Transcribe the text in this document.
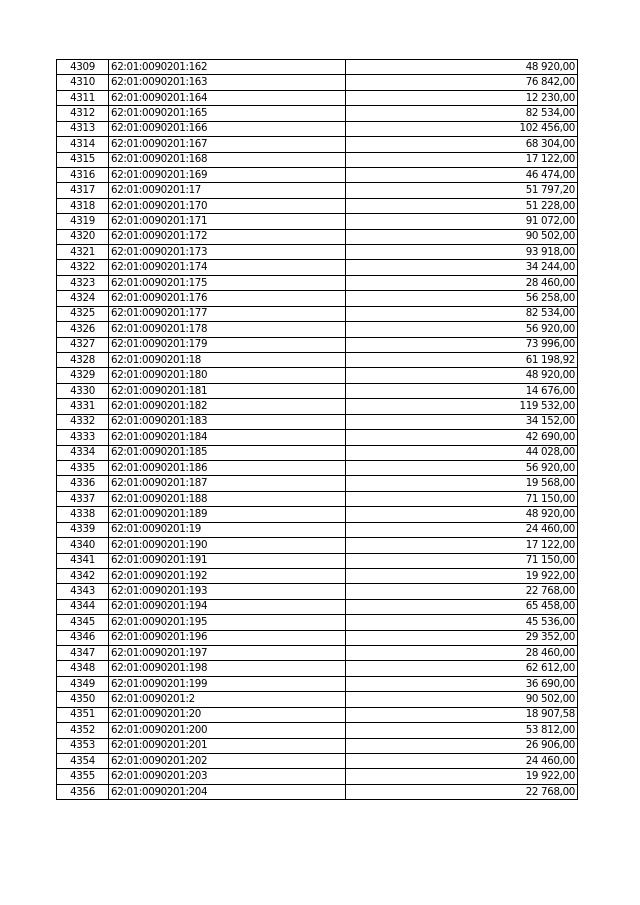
4309	62:01:0090201:162	48 920,00
4310	62:01:0090201:163	76 842,00
4311	62:01:0090201:164	12 230,00
4312	62:01:0090201:165	82 534,00
4313	62:01:0090201:166	102 456,00
4314	62:01:0090201:167	68 304,00
4315	62:01:0090201:168	17 122,00
4316	62:01:0090201:169	46 474,00
4317	62:01:0090201:17	51 797,20
4318	62:01:0090201:170	51 228,00
4319	62:01:0090201:171	91 072,00
4320	62:01:0090201:172	90 502,00
4321	62:01:0090201:173	93 918,00
4322	62:01:0090201:174	34 244,00
4323	62:01:0090201:175	28 460,00
4324	62:01:0090201:176	56 258,00
4325	62:01:0090201:177	82 534,00
4326	62:01:0090201:178	56 920,00
4327	62:01:0090201:179	73 996,00
4328	62:01:0090201:18	61 198,92
4329	62:01:0090201:180	48 920,00
4330	62:01:0090201:181	14 676,00
4331	62:01:0090201:182	119 532,00
4332	62:01:0090201:183	34 152,00
4333	62:01:0090201:184	42 690,00
4334	62:01:0090201:185	44 028,00
4335	62:01:0090201:186	56 920,00
4336	62:01:0090201:187	19 568,00
4337	62:01:0090201:188	71 150,00
4338	62:01:0090201:189	48 920,00
4339	62:01:0090201:19	24 460,00
4340	62:01:0090201:190	17 122,00
4341	62:01:0090201:191	71 150,00
4342	62:01:0090201:192	19 922,00
4343	62:01:0090201:193	22 768,00
4344	62:01:0090201:194	65 458,00
4345	62:01:0090201:195	45 536,00
4346	62:01:0090201:196	29 352,00
4347	62:01:0090201:197	28 460,00
4348	62:01:0090201:198	62 612,00
4349	62:01:0090201:199	36 690,00
4350	62:01:0090201:2	90 502,00
4351	62:01:0090201:20	18 907,58
4352	62:01:0090201:200	53 812,00
4353	62:01:0090201:201	26 906,00
4354	62:01:0090201:202	24 460,00
4355	62:01:0090201:203	19 922,00
4356	62:01:0090201:204	22 768,00
